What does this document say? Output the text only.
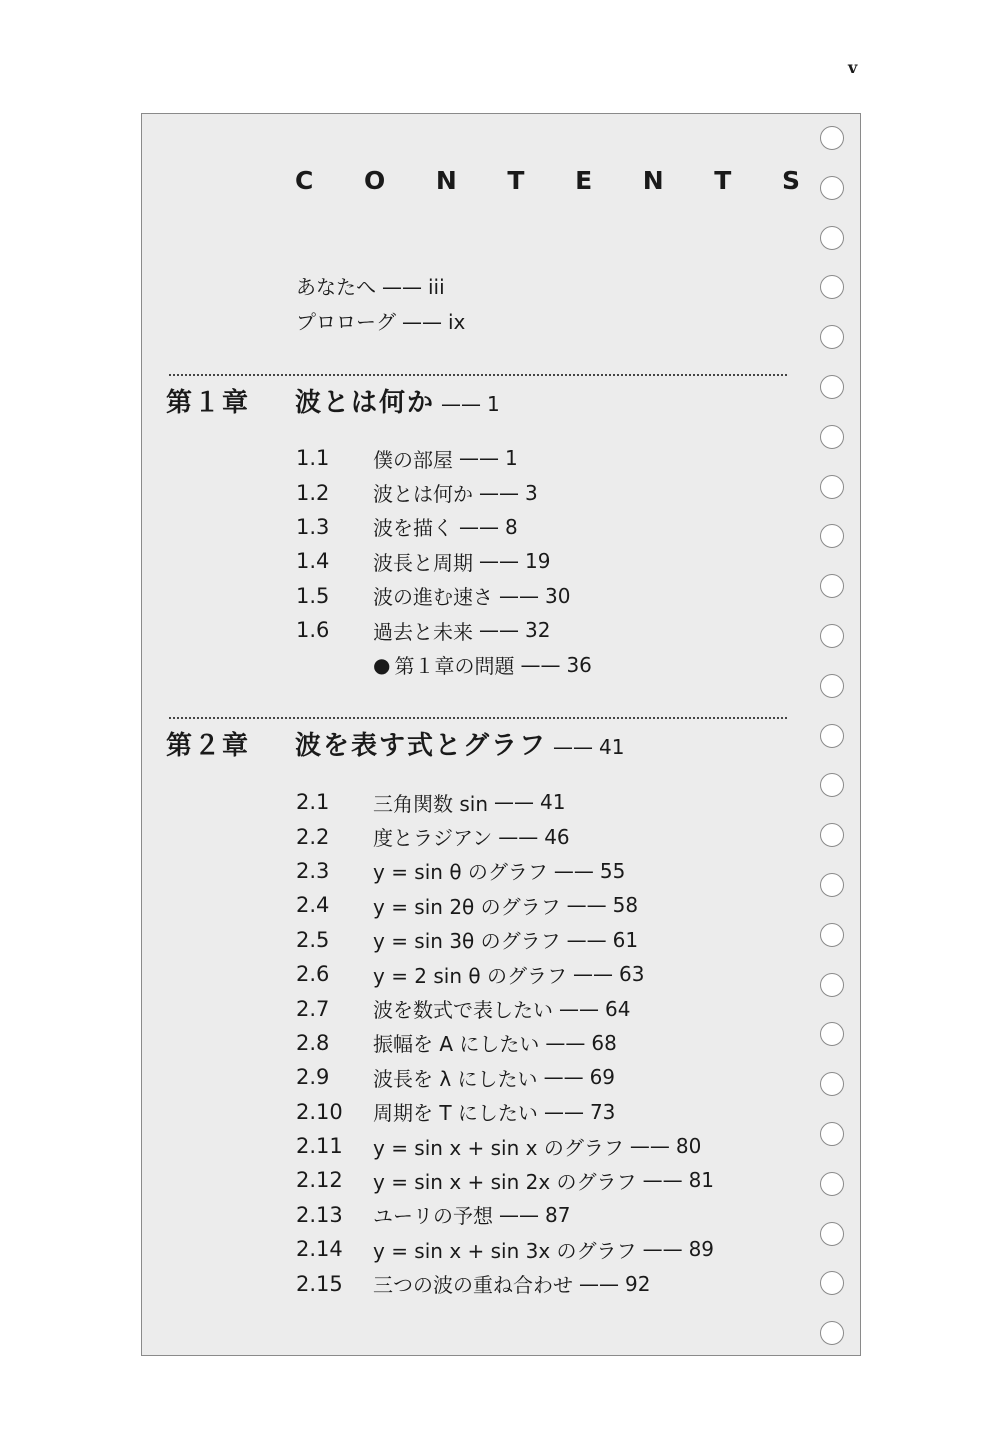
v
C O N T E N T S
あなたへ —— iii
プロローグ —— ix
第１章	波とは何か —— 1
1.1	僕の部屋 —— 1
1.2	波とは何か —— 3
1.3	波を描く —— 8
1.4	波長と周期 —— 19
1.5	波の進む速さ —— 30
1.6	過去と未来 —— 32
● 第１章の問題 —— 36
第２章	波を表す式とグラフ —— 41
2.1	三角関数 sin —— 41
2.2	度とラジアン —— 46
2.3	y = sin θ のグラフ —— 55
2.4	y = sin 2θ のグラフ —— 58
2.5	y = sin 3θ のグラフ —— 61
2.6	y = 2 sin θ のグラフ —— 63
2.7	波を数式で表したい —— 64
2.8	振幅を A にしたい —— 68
2.9	波長を λ にしたい —— 69
2.10	周期を T にしたい —— 73
2.11	y = sin x + sin x のグラフ —— 80
2.12	y = sin x + sin 2x のグラフ —— 81
2.13	ユーリの予想 —— 87
2.14	y = sin x + sin 3x のグラフ —— 89
2.15	三つの波の重ね合わせ —— 92
